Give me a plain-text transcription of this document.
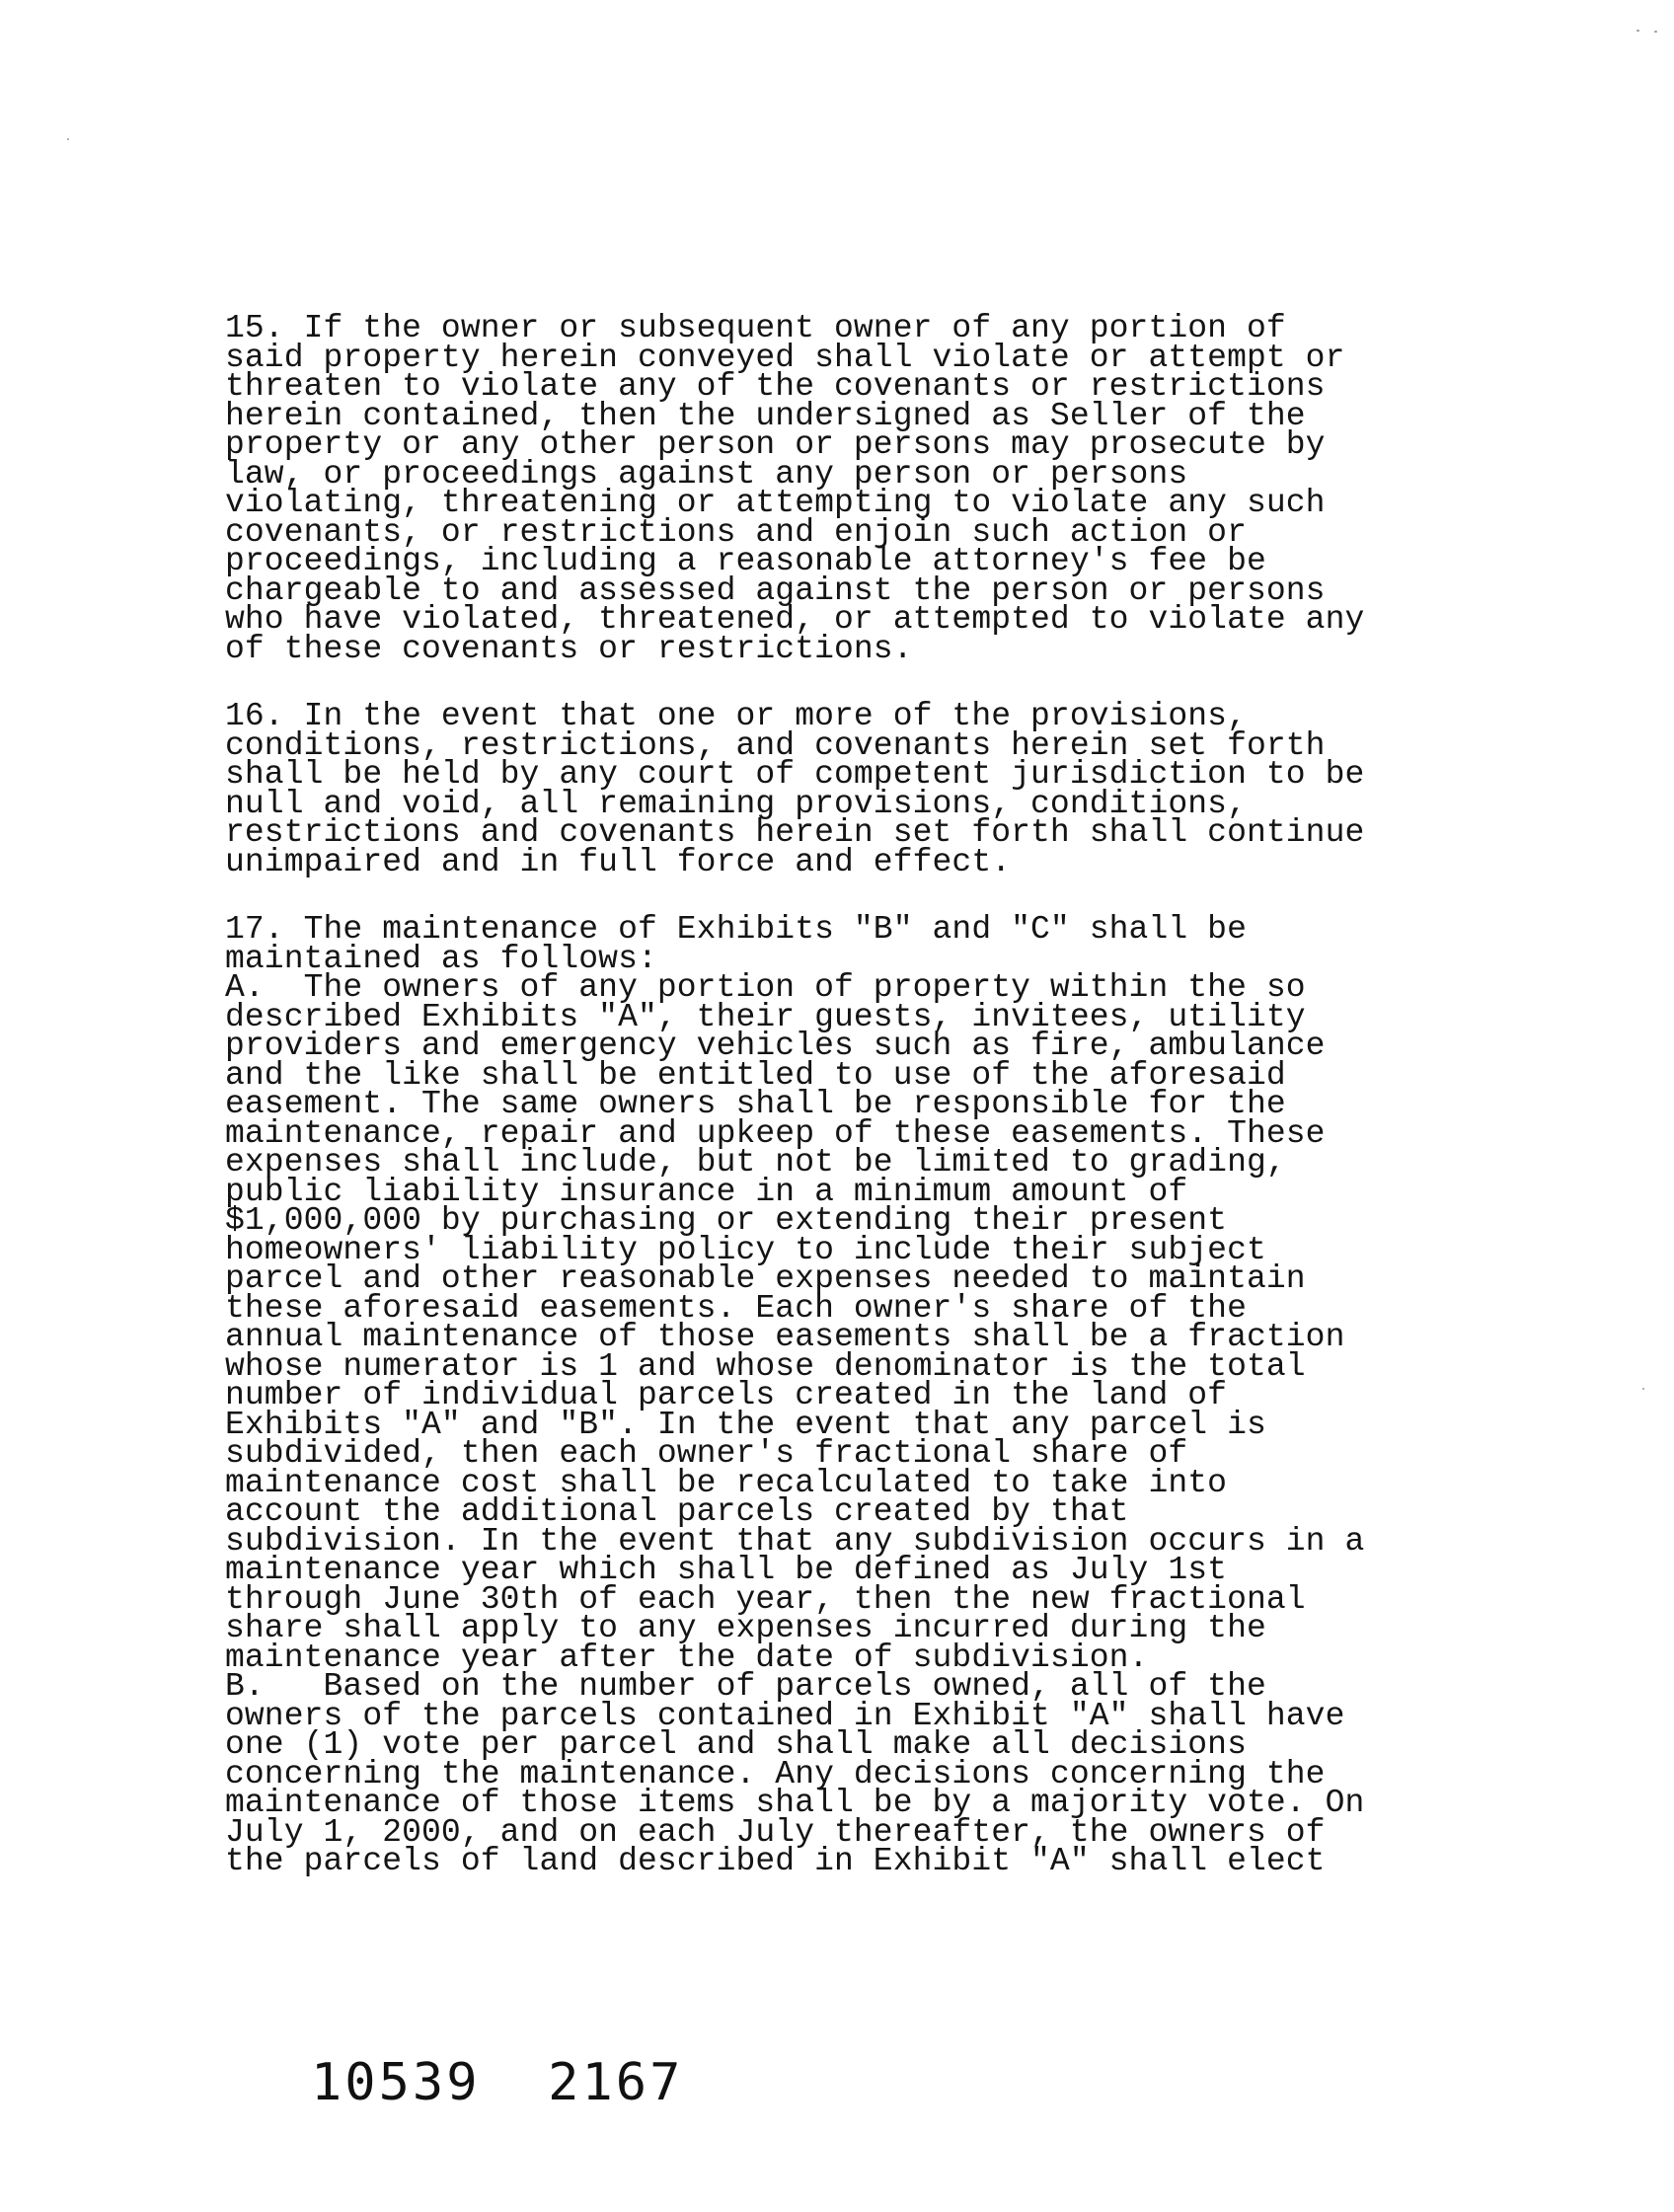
15. If the owner or subsequent owner of any portion of
said property herein conveyed shall violate or attempt or
threaten to violate any of the covenants or restrictions
herein contained, then the undersigned as Seller of the
property or any other person or persons may prosecute by
law, or proceedings against any person or persons
violating, threatening or attempting to violate any such
covenants, or restrictions and enjoin such action or
proceedings, including a reasonable attorney's fee be
chargeable to and assessed against the person or persons
who have violated, threatened, or attempted to violate any
of these covenants or restrictions.
16. In the event that one or more of the provisions,
conditions, restrictions, and covenants herein set forth
shall be held by any court of competent jurisdiction to be
null and void, all remaining provisions, conditions,
restrictions and covenants herein set forth shall continue
unimpaired and in full force and effect.
17. The maintenance of Exhibits "B" and "C" shall be
maintained as follows:
A.  The owners of any portion of property within the so
described Exhibits "A", their guests, invitees, utility
providers and emergency vehicles such as fire, ambulance
and the like shall be entitled to use of the aforesaid
easement. The same owners shall be responsible for the
maintenance, repair and upkeep of these easements. These
expenses shall include, but not be limited to grading,
public liability insurance in a minimum amount of
$1,000,000 by purchasing or extending their present
homeowners' liability policy to include their subject
parcel and other reasonable expenses needed to maintain
these aforesaid easements. Each owner's share of the
annual maintenance of those easements shall be a fraction
whose numerator is 1 and whose denominator is the total
number of individual parcels created in the land of
Exhibits "A" and "B". In the event that any parcel is
subdivided, then each owner's fractional share of
maintenance cost shall be recalculated to take into
account the additional parcels created by that
subdivision. In the event that any subdivision occurs in a
maintenance year which shall be defined as July 1st
through June 30th of each year, then the new fractional
share shall apply to any expenses incurred during the
maintenance year after the date of subdivision.
B.   Based on the number of parcels owned, all of the
owners of the parcels contained in Exhibit "A" shall have
one (1) vote per parcel and shall make all decisions
concerning the maintenance. Any decisions concerning the
maintenance of those items shall be by a majority vote. On
July 1, 2000, and on each July thereafter, the owners of
the parcels of land described in Exhibit "A" shall elect
10539  2167
